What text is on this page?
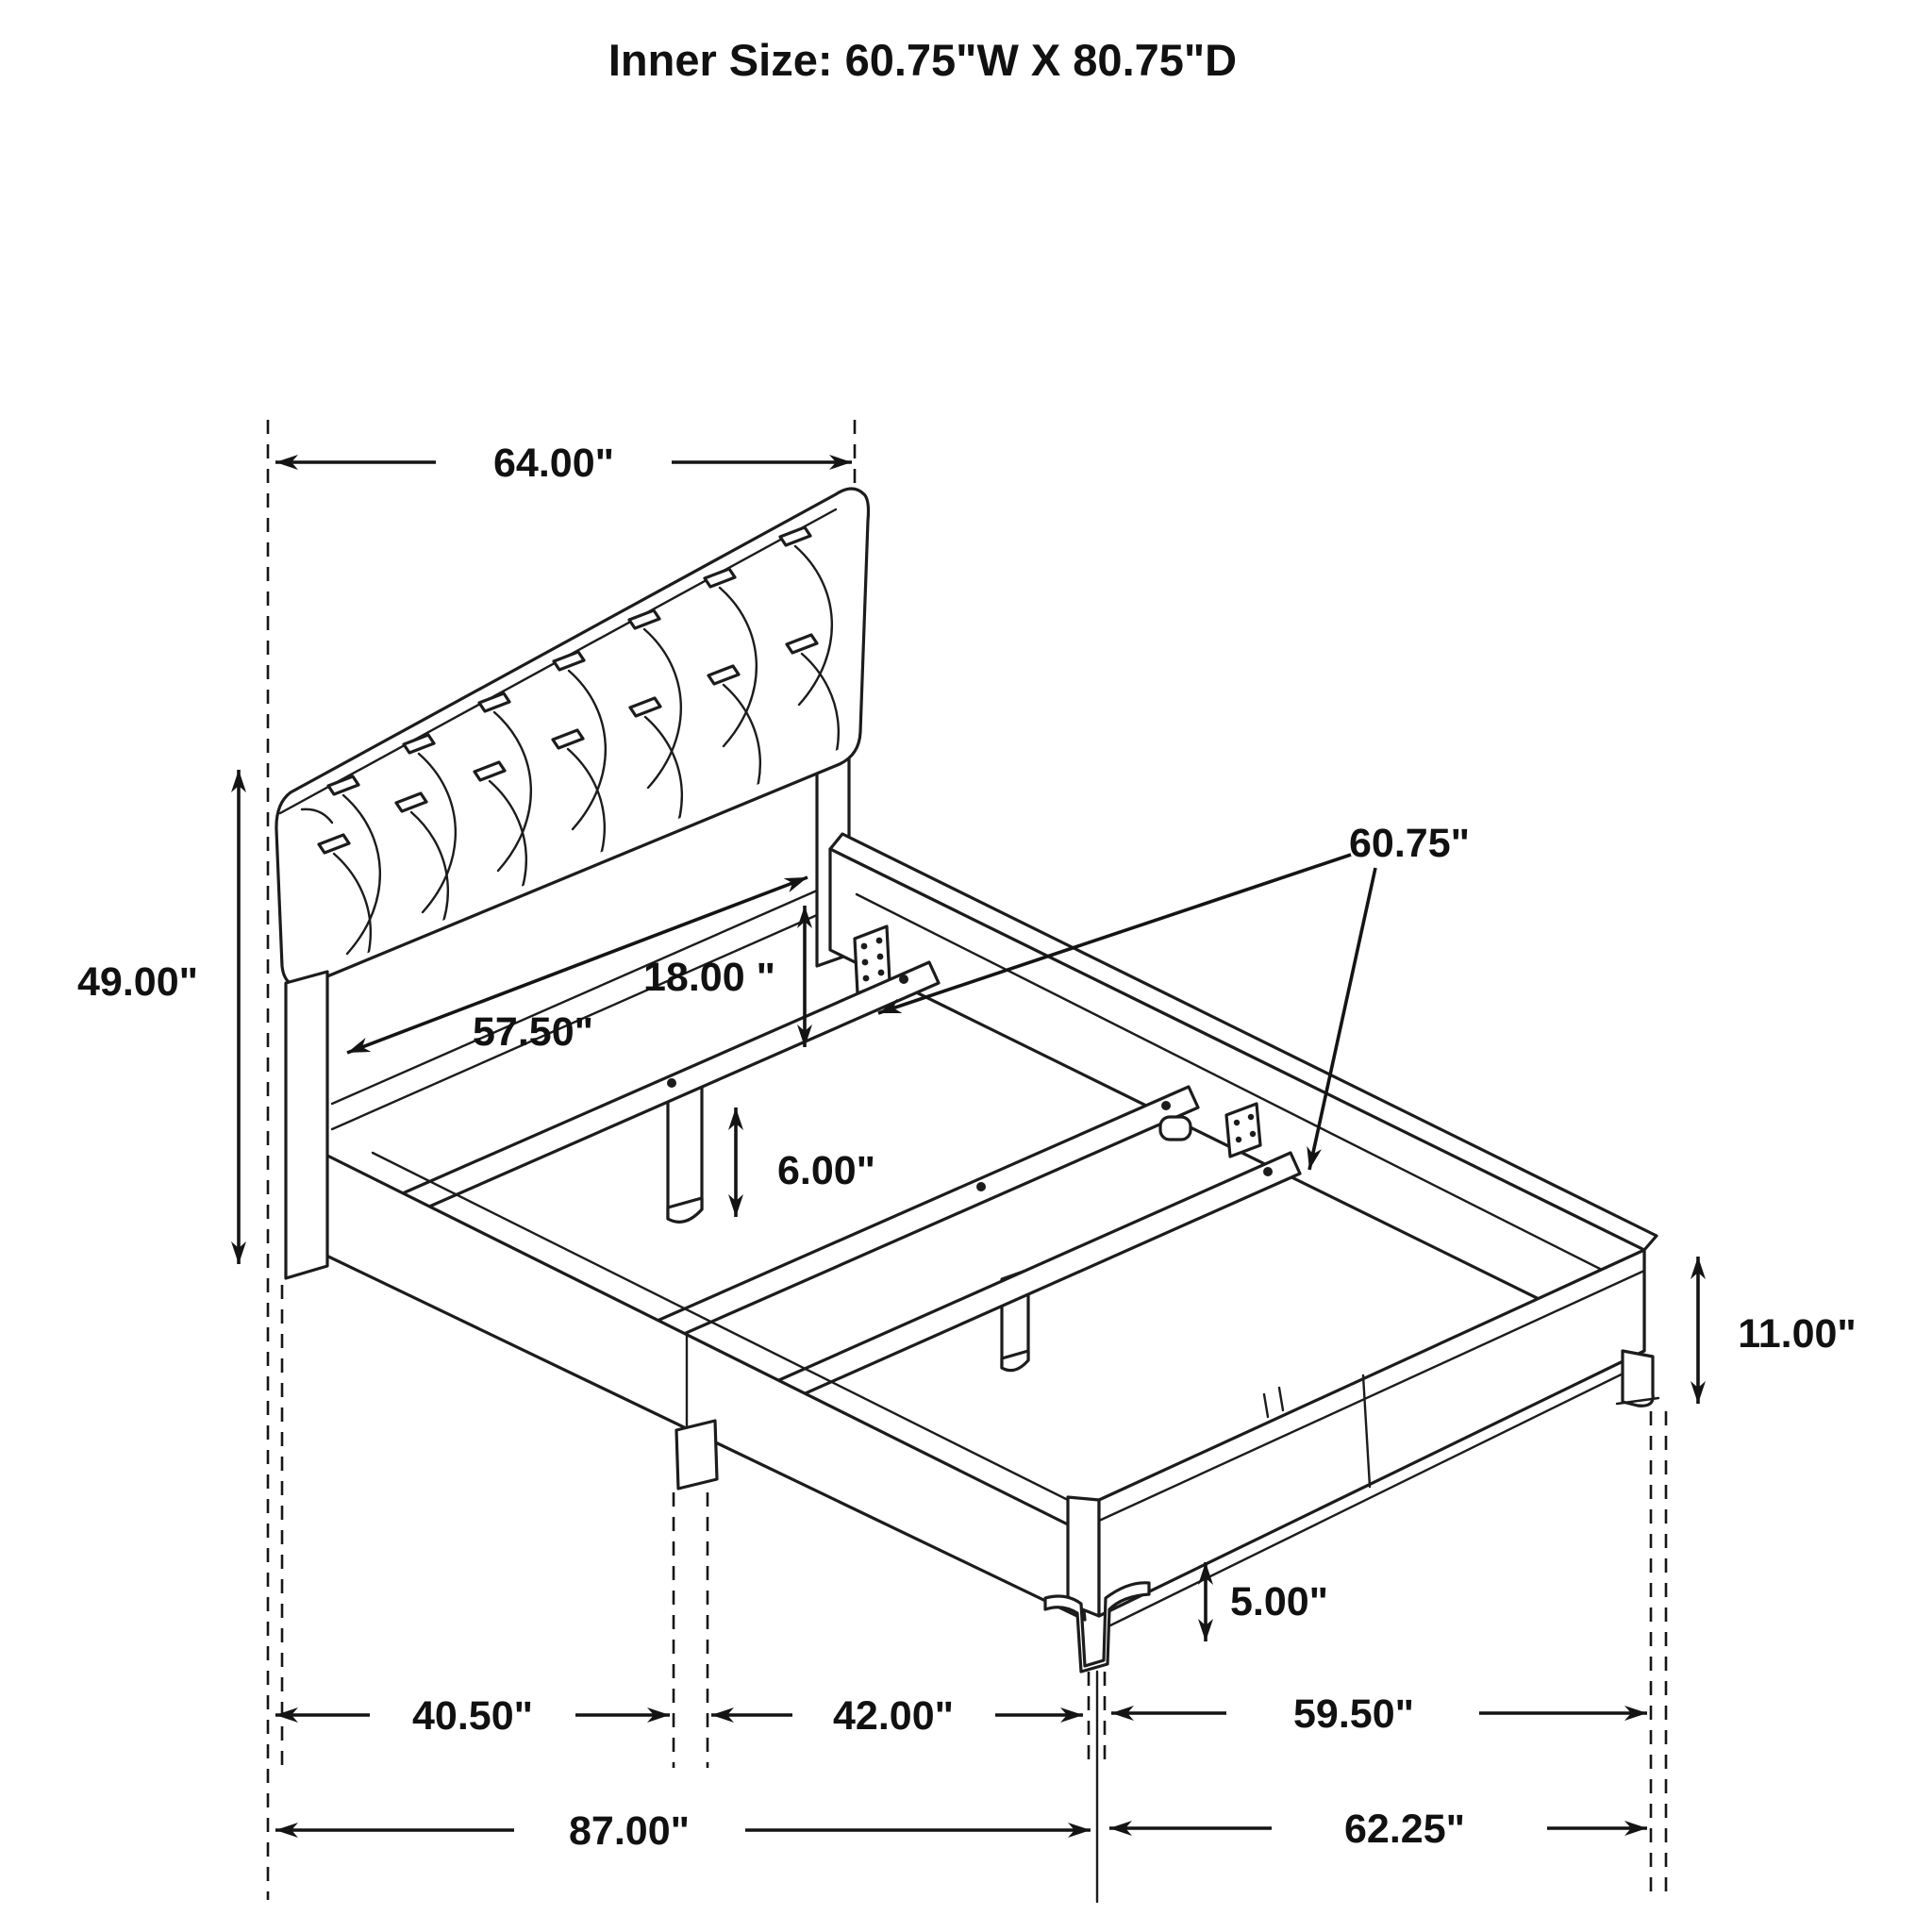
64.00"
49.00"
57.50"
18.00 "
6.00"
60.75"
11.00"
5.00"
40.50"	42.00"	59.50"
87.00"	62.25"
Inner Size: 60.75"W X 80.75"D
